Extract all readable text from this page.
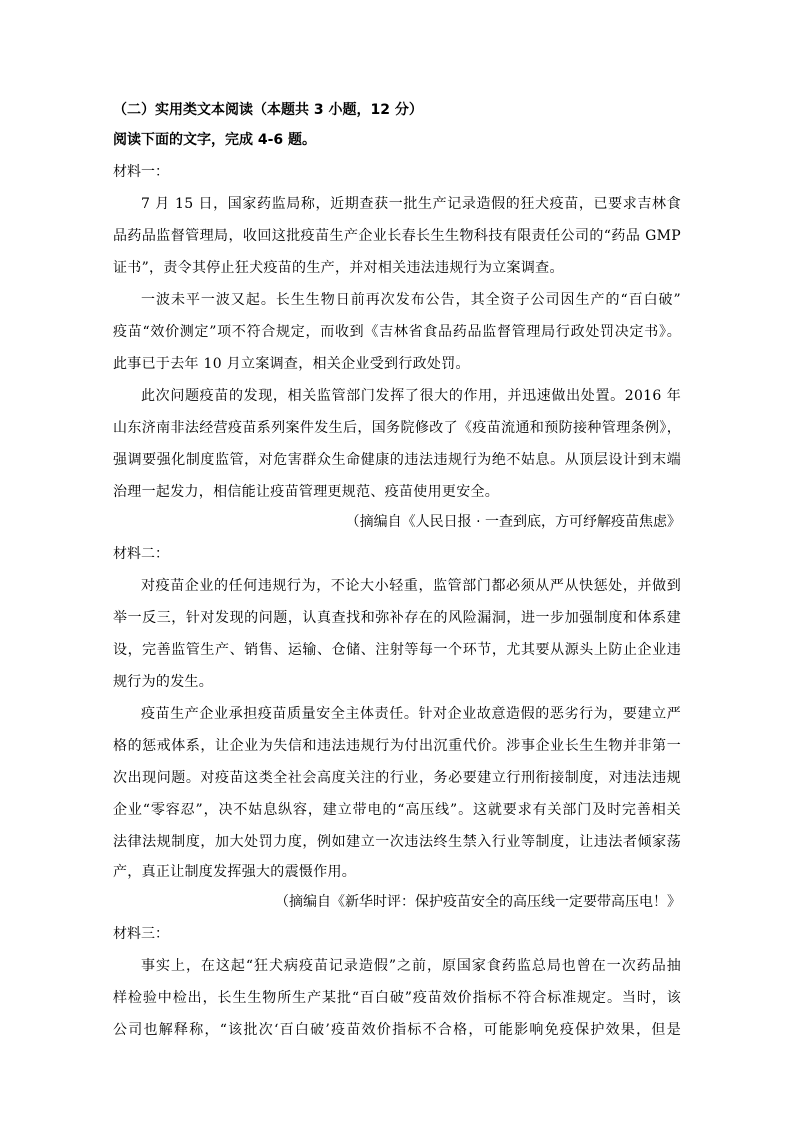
（二）实用类文本阅读（本题共 3 小题，12 分）
阅读下面的文字，完成 4-6 题。
材料一：
7 月 15 日，国家药监局称，近期查获一批生产记录造假的狂犬疫苗，已要求吉林食
品药品监督管理局，收回这批疫苗生产企业长春长生生物科技有限责任公司的“药品 GMP
证书”，责令其停止狂犬疫苗的生产，并对相关违法违规行为立案调查。
一波未平一波又起。长生生物日前再次发布公告，其全资子公司因生产的“百白破”
疫苗“效价测定”项不符合规定，而收到《吉林省食品药品监督管理局行政处罚决定书》。
此事已于去年 10 月立案调查，相关企业受到行政处罚。
此次问题疫苗的发现，相关监管部门发挥了很大的作用，并迅速做出处置。2016 年
山东济南非法经营疫苗系列案件发生后，国务院修改了《疫苗流通和预防接种管理条例》，
强调要强化制度监管，对危害群众生命健康的违法违规行为绝不姑息。从顶层设计到末端
治理一起发力，相信能让疫苗管理更规范、疫苗使用更安全。
（摘编自《人民日报 · 一查到底，方可纾解疫苗焦虑》
材料二：
对疫苗企业的任何违规行为，不论大小轻重，监管部门都必须从严从快惩处，并做到
举一反三，针对发现的问题，认真查找和弥补存在的风险漏洞，进一步加强制度和体系建
设，完善监管生产、销售、运输、仓储、注射等每一个环节，尤其要从源头上防止企业违
规行为的发生。
疫苗生产企业承担疫苗质量安全主体责任。针对企业故意造假的恶劣行为，要建立严
格的惩戒体系，让企业为失信和违法违规行为付出沉重代价。涉事企业长生生物并非第一
次出现问题。对疫苗这类全社会高度关注的行业，务必要建立行刑衔接制度，对违法违规
企业“零容忍”，决不姑息纵容，建立带电的“高压线”。这就要求有关部门及时完善相关
法律法规制度，加大处罚力度，例如建立一次违法终生禁入行业等制度，让违法者倾家荡
产，真正让制度发挥强大的震慑作用。
（摘编自《新华时评：保护疫苗安全的高压线一定要带高压电！》
材料三：
事实上，在这起“狂犬病疫苗记录造假”之前，原国家食药监总局也曾在一次药品抽
样检验中检出，长生生物所生产某批“百白破”疫苗效价指标不符合标准规定。当时，该
公司也解释称，“该批次‘百白破’疫苗效价指标不合格，可能影响免疫保护效果，但是
